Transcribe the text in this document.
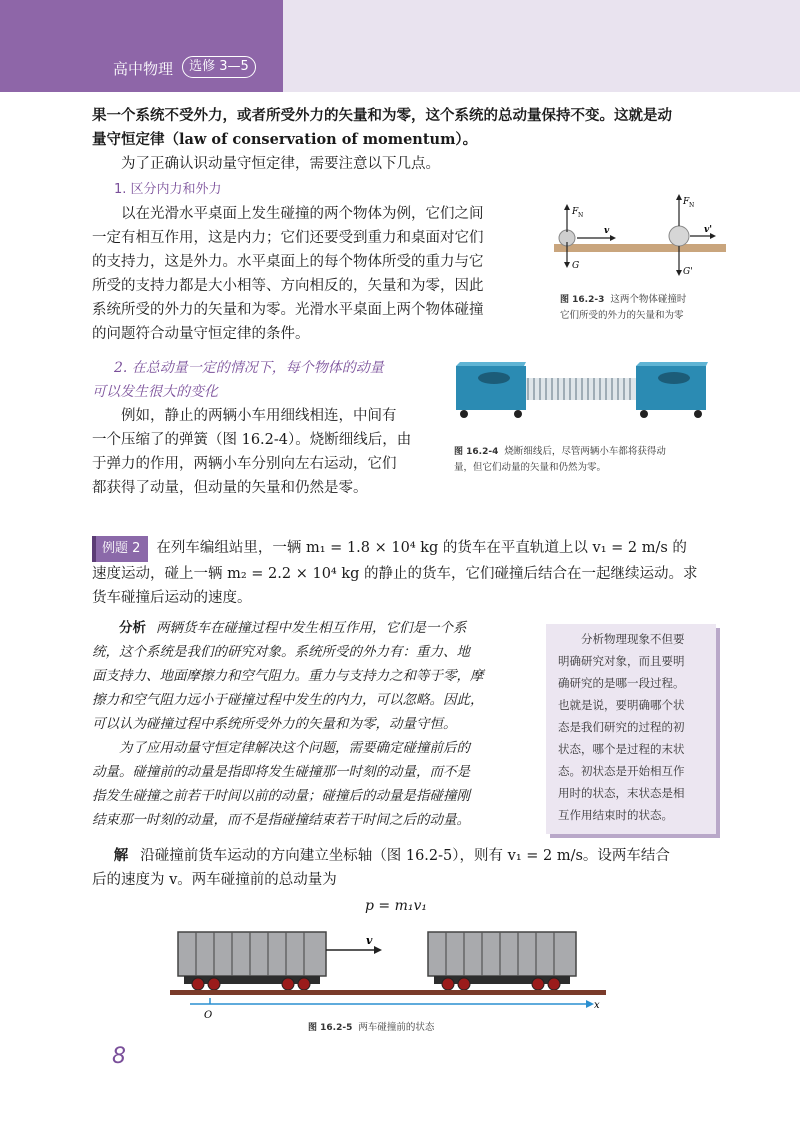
高中物理	选修 3—5

果一个系统不受外力，或者所受外力的矢量和为零，这个系统的总动量保持不变。这就是动

量守恒定律（law of conservation of momentum）。

为了正确认识动量守恒定律，需要注意以下几点。

1. 区分内力和外力

以在光滑水平桌面上发生碰撞的两个物体为例，它们之间

一定有相互作用，这是内力；它们还要受到重力和桌面对它们

的支持力，这是外力。水平桌面上的每个物体所受的重力与它

所受的支持力都是大小相等、方向相反的，矢量和为零，因此

系统所受的外力的矢量和为零。光滑水平桌面上两个物体碰撞

的问题符合动量守恒定律的条件。

F N
G
v
F N
G'
v'
图 16.2-3 这两个物体碰撞时
它们所受的外力的矢量和为零

2. 在总动量一定的情况下，每个物体的动量

可以发生很大的变化

例如，静止的两辆小车用细线相连，中间有

一个压缩了的弹簧（图 16.2-4）。烧断细线后，由

于弹力的作用，两辆小车分别向左右运动，它们

都获得了动量，但动量的矢量和仍然是零。

图 16.2-4 烧断细线后，尽管两辆小车都将获得动
量，但它们动量的矢量和仍然为零。

例题 2 在列车编组站里，一辆 m₁ = 1.8 × 10⁴ kg 的货车在平直轨道上以 v₁ = 2 m/s 的

速度运动，碰上一辆 m₂ = 2.2 × 10⁴ kg 的静止的货车，它们碰撞后结合在一起继续运动。求

货车碰撞后运动的速度。

分析 两辆货车在碰撞过程中发生相互作用，它们是一个系

统，这个系统是我们的研究对象。系统所受的外力有：重力、地

面支持力、地面摩擦力和空气阻力。重力与支持力之和等于零，摩

擦力和空气阻力远小于碰撞过程中发生的内力，可以忽略。因此，

可以认为碰撞过程中系统所受外力的矢量和为零，动量守恒。

为了应用动量守恒定律解决这个问题，需要确定碰撞前后的

动量。碰撞前的动量是指即将发生碰撞那一时刻的动量，而不是

指发生碰撞之前若干时间以前的动量；碰撞后的动量是指碰撞刚

结束那一时刻的动量，而不是指碰撞结束若干时间之后的动量。

分析物理现象不但要

明确研究对象，而且要明

确研究的是哪一段过程。

也就是说，要明确哪个状

态是我们研究的过程的初

状态，哪个是过程的末状

态。初状态是开始相互作

用时的状态，末状态是相

互作用结束时的状态。

解 沿碰撞前货车运动的方向建立坐标轴（图 16.2-5），则有 v₁ = 2 m/s。设两车结合

后的速度为 v。两车碰撞前的总动量为

p = m₁v₁
v
O
x
图 16.2-5 两车碰撞前的状态
8
